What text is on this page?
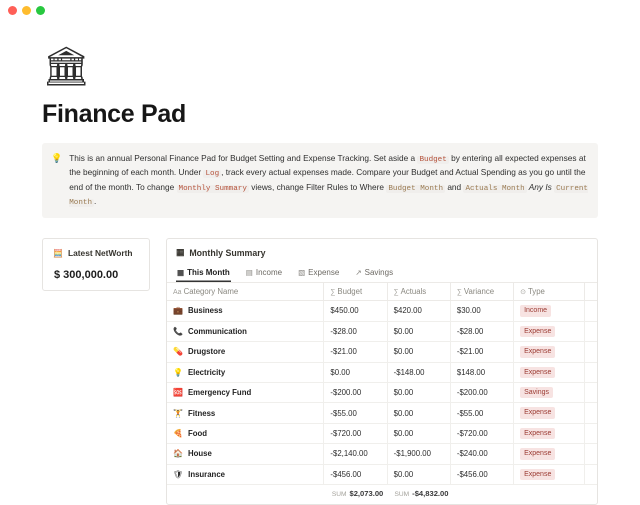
🏛
Finance Pad
💡 This is an annual Personal Finance Pad for Budget Setting and Expense Tracking. Set aside a Budget by entering all expected expenses at the beginning of each month. Under Log , track every actual expenses made. Compare your Budget and Actual Spending as you go until the end of the month. To change Monthly Summary views, change Filter Rules to Where Budget Month and Actuals Month Any Is Current Month .
🧮 Latest NetWorth
$ 300,000.00
▦ Monthly Summary
▦ This Month ▤ Income ▧ Expense ↗ Savings
Aa Category Name	∑ Budget	∑ Actuals	∑ Variance	⊙ Type	

💼 Business	$450.00	$420.00	$30.00	Income	

📞 Communication	-$28.00	$0.00	-$28.00	Expense	

💊 Drugstore	-$21.00	$0.00	-$21.00	Expense	

💡 Electricity	$0.00	-$148.00	$148.00	Expense	

🆘 Emergency Fund	-$200.00	$0.00	-$200.00	Savings	

🏋 Fitness	-$55.00	$0.00	-$55.00	Expense	

🍕 Food	-$720.00	$0.00	-$720.00	Expense	

🏠 House	-$2,140.00	-$1,900.00	-$240.00	Expense	

🛡 Insurance	-$456.00	$0.00	-$456.00	Expense	
SUM $2,073.00 SUM -$4,832.00
